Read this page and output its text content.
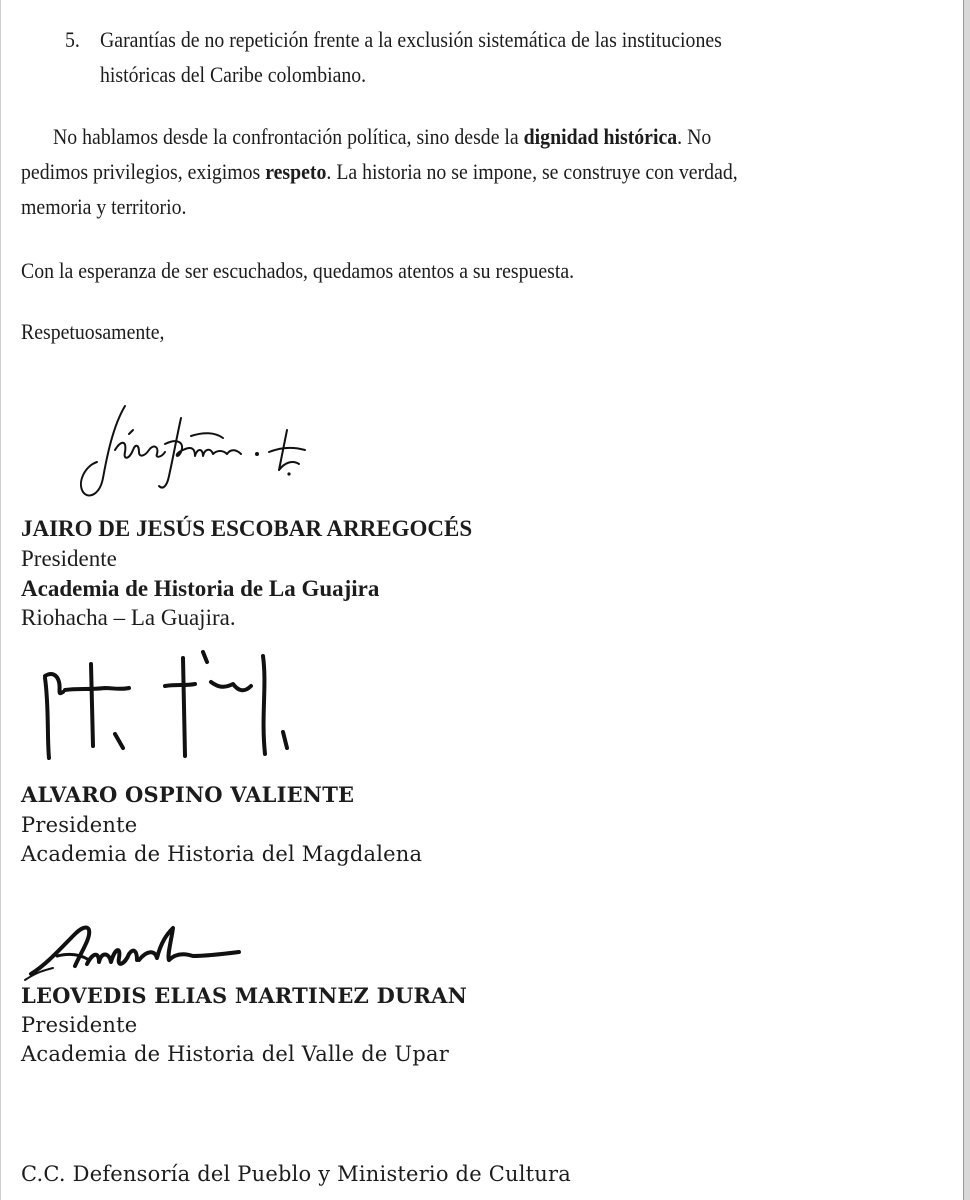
5. Garantías de no repetición frente a la exclusión sistemática de las instituciones
históricas del Caribe colombiano.
No hablamos desde la confrontación política, sino desde la dignidad histórica. No
pedimos privilegios, exigimos respeto. La historia no se impone, se construye con verdad,
memoria y territorio.
Con la esperanza de ser escuchados, quedamos atentos a su respuesta.
Respetuosamente,
JAIRO DE JESÚS ESCOBAR ARREGOCÉS
Presidente
Academia de Historia de La Guajira
Riohacha – La Guajira.
ALVARO OSPINO VALIENTE
Presidente
Academia de Historia del Magdalena
LEOVEDIS ELIAS MARTINEZ DURAN
Presidente
Academia de Historia del Valle de Upar
C.C. Defensoría del Pueblo y Ministerio de Cultura
